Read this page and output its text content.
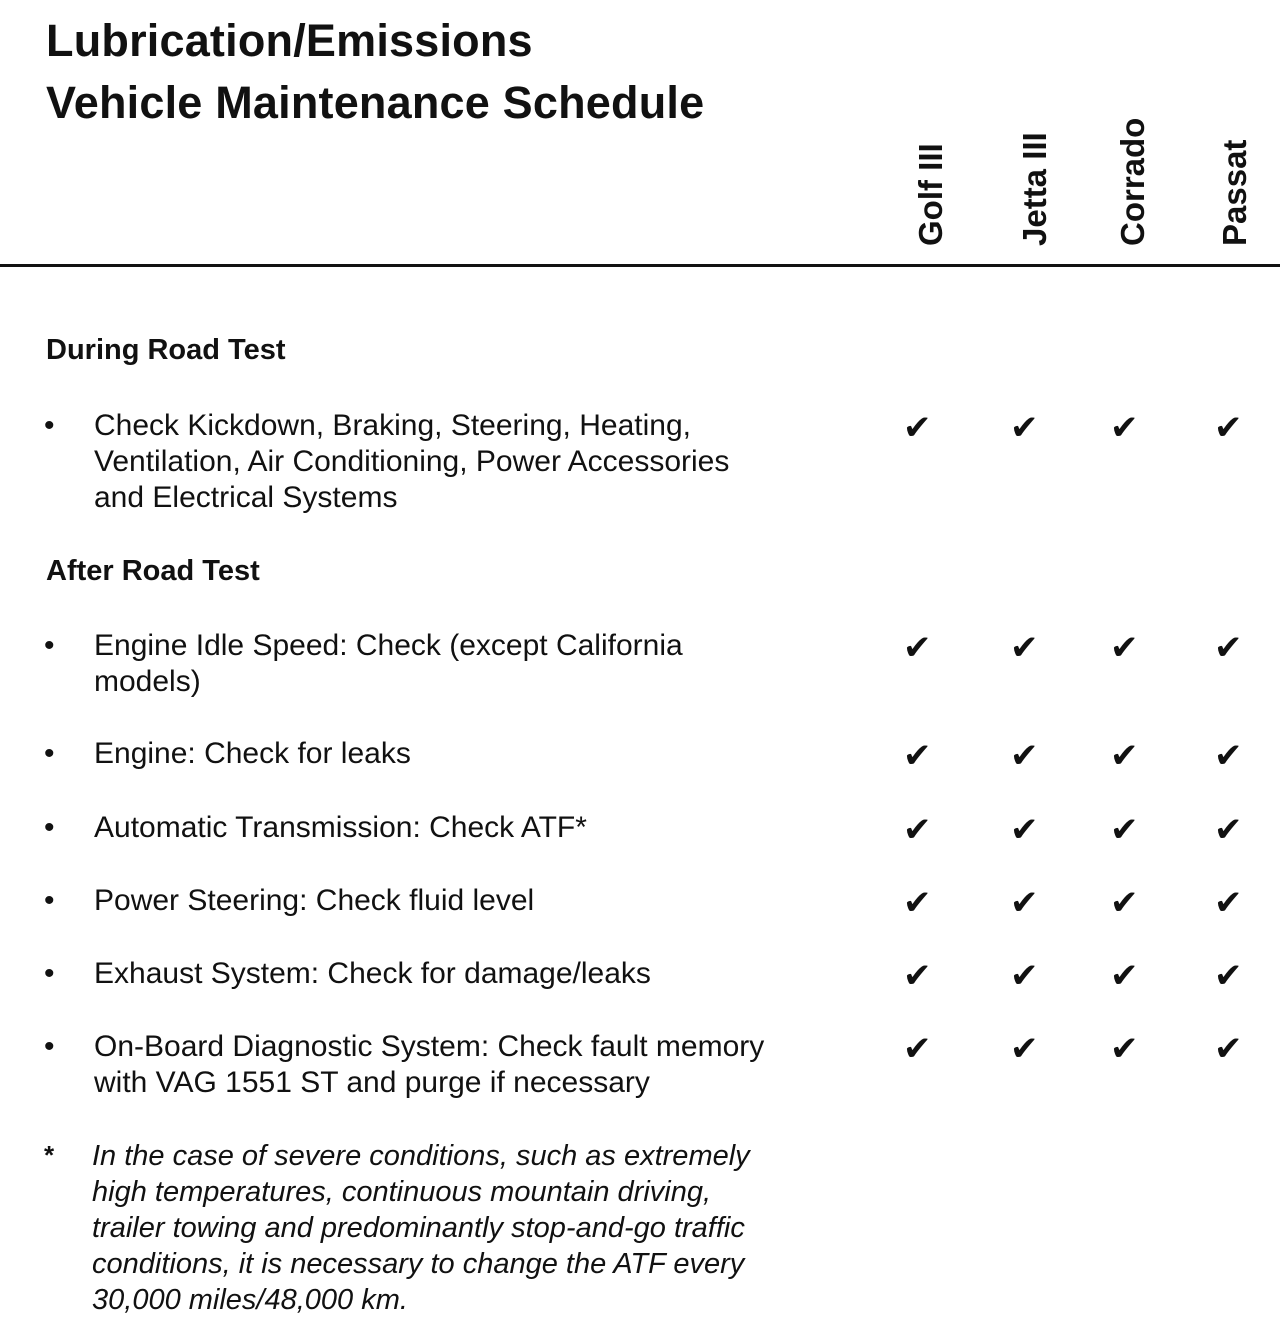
Lubrication/Emissions
Vehicle Maintenance Schedule
Golf III Jetta III Corrado Passat
During Road Test
• Check Kickdown, Braking, Steering, Heating,
Ventilation, Air Conditioning, Power Accessories
and Electrical Systems
✔ ✔ ✔ ✔
After Road Test
• Engine Idle Speed: Check (except California
models)
✔ ✔ ✔ ✔
• Engine: Check for leaks	✔ ✔ ✔ ✔
• Automatic Transmission: Check ATF*	✔ ✔ ✔ ✔
• Power Steering: Check fluid level	✔ ✔ ✔ ✔
• Exhaust System: Check for damage/leaks	✔ ✔ ✔ ✔
• On-Board Diagnostic System: Check fault memory
with VAG 1551 ST and purge if necessary
✔ ✔ ✔ ✔
* In the case of severe conditions, such as extremely
high temperatures, continuous mountain driving,
trailer towing and predominantly stop-and-go traffic
conditions, it is necessary to change the ATF every
30,000 miles/48,000 km.
